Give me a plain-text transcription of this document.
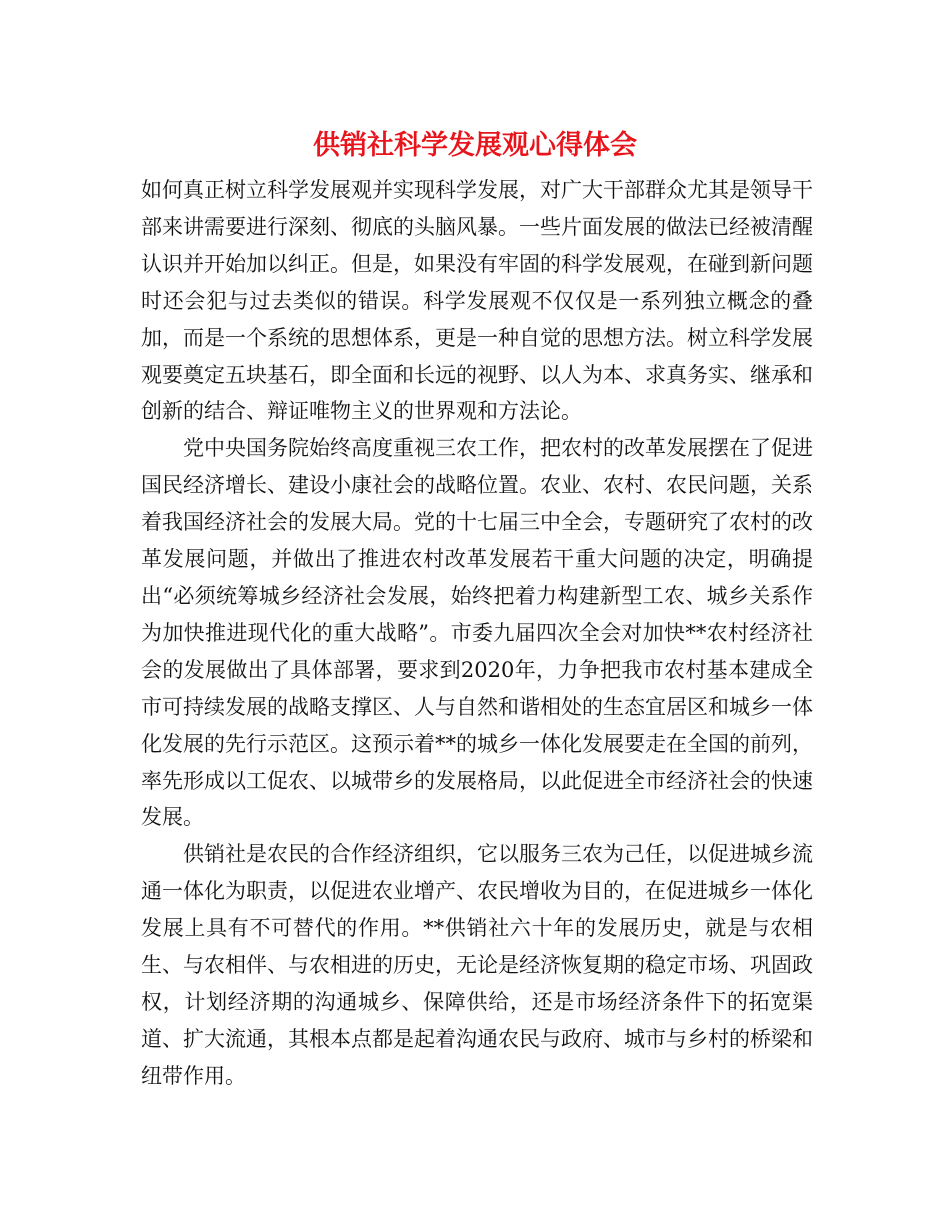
供销社科学发展观心得体会

如何真正树立科学发展观并实现科学发展，对广大干部群众尤其是领导干部来讲需要进行深刻、彻底的头脑风暴。一些片面发展的做法已经被清醒认识并开始加以纠正。但是，如果没有牢固的科学发展观，在碰到新问题时还会犯与过去类似的错误。科学发展观不仅仅是一系列独立概念的叠加，而是一个系统的思想体系，更是一种自觉的思想方法。树立科学发展观要奠定五块基石，即全面和长远的视野、以人为本、求真务实、继承和创新的结合、辩证唯物主义的世界观和方法论。

党中央国务院始终高度重视三农工作，把农村的改革发展摆在了促进国民经济增长、建设小康社会的战略位置。农业、农村、农民问题，关系着我国经济社会的发展大局。党的十七届三中全会，专题研究了农村的改革发展问题，并做出了推进农村改革发展若干重大问题的决定，明确提出“必须统筹城乡经济社会发展，始终把着力构建新型工农、城乡关系作为加快推进现代化的重大战略”。市委九届四次全会对加快**农村经济社会的发展做出了具体部署，要求到2020年，力争把我市农村基本建成全市可持续发展的战略支撑区、人与自然和谐相处的生态宜居区和城乡一体化发展的先行示范区。这预示着**的城乡一体化发展要走在全国的前列，率先形成以工促农、以城带乡的发展格局，以此促进全市经济社会的快速发展。

供销社是农民的合作经济组织，它以服务三农为己任，以促进城乡流通一体化为职责，以促进农业增产、农民增收为目的，在促进城乡一体化发展上具有不可替代的作用。**供销社六十年的发展历史，就是与农相生、与农相伴、与农相进的历史，无论是经济恢复期的稳定市场、巩固政权，计划经济期的沟通城乡、保障供给，还是市场经济条件下的拓宽渠道、扩大流通，其根本点都是起着沟通农民与政府、城市与乡村的桥梁和纽带作用。
